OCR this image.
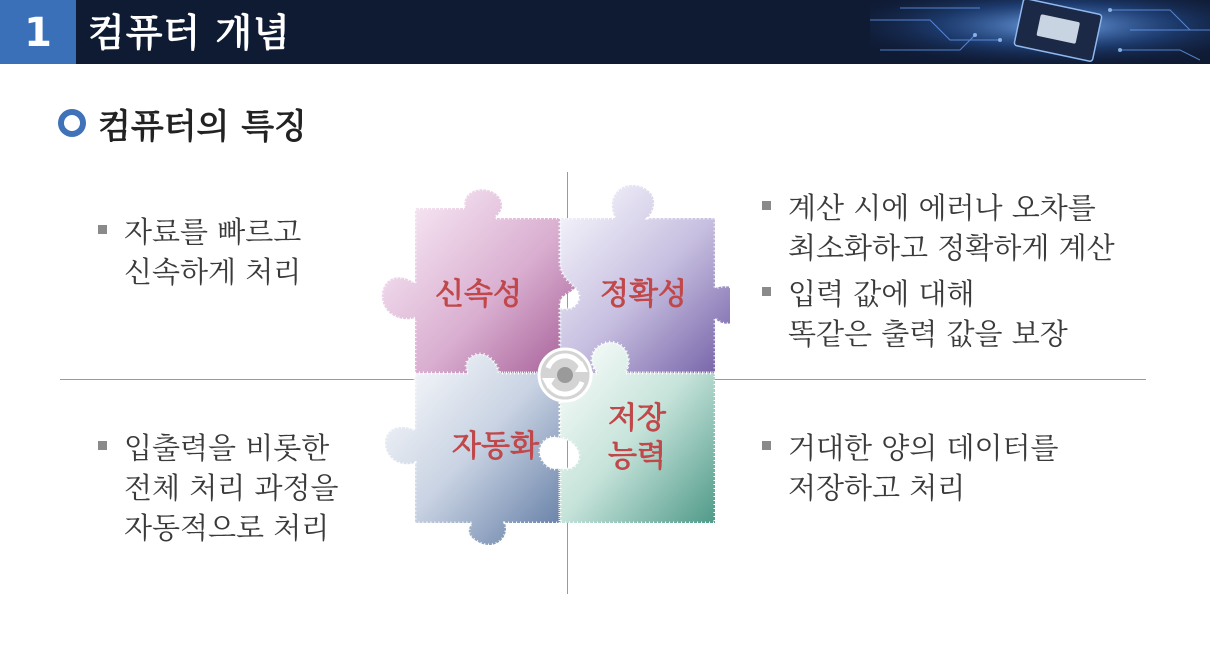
1 컴퓨터 개념
컴퓨터의 특징
신속성	정확성
자동화
저장
능력
자료를 빠르고
신속하게 처리
계산 시에 에러나 오차를
최소화하고 정확하게 계산
입력 값에 대해
똑같은 출력 값을 보장
입출력을 비롯한
전체 처리 과정을
자동적으로 처리
거대한 양의 데이터를
저장하고 처리
